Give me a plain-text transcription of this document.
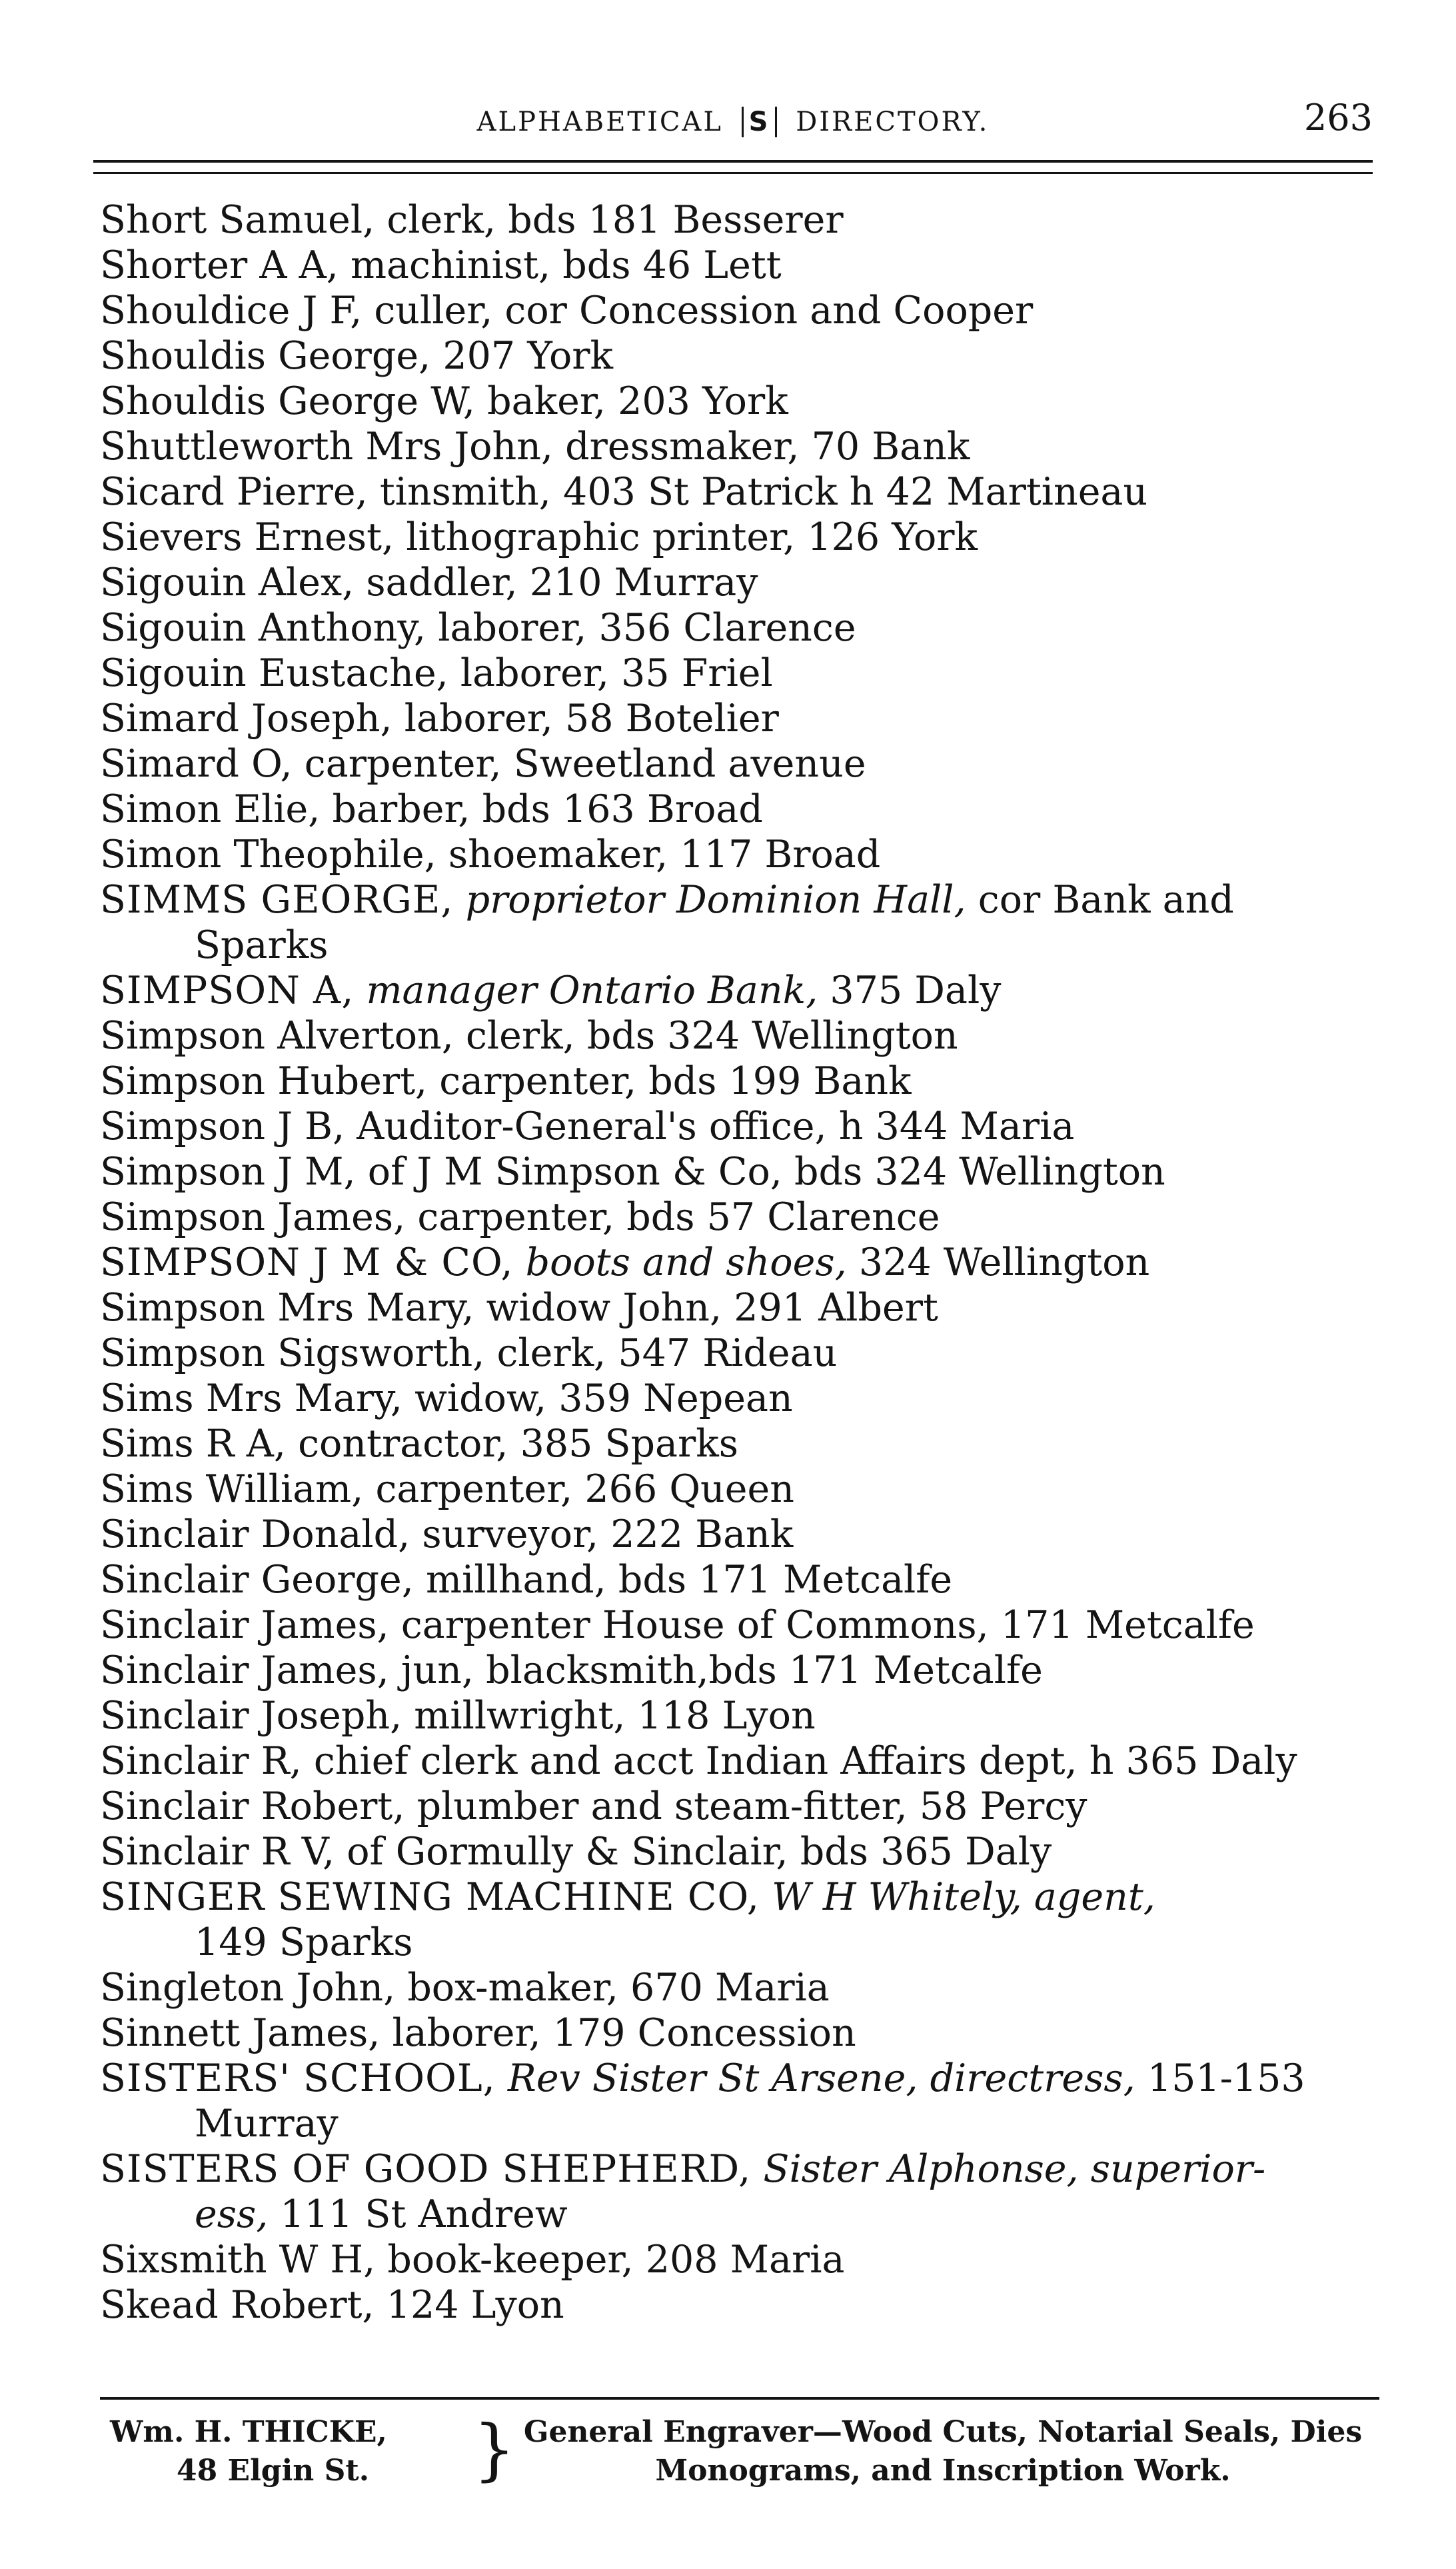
ALPHABETICAL S DIRECTORY.	263
Short Samuel, clerk, bds 181 Besserer
Shorter A A, machinist, bds 46 Lett
Shouldice J F, culler, cor Concession and Cooper
Shouldis George, 207 York
Shouldis George W, baker, 203 York
Shuttleworth Mrs John, dressmaker, 70 Bank
Sicard Pierre, tinsmith, 403 St Patrick h 42 Martineau
Sievers Ernest, lithographic printer, 126 York
Sigouin Alex, saddler, 210 Murray
Sigouin Anthony, laborer, 356 Clarence
Sigouin Eustache, laborer, 35 Friel
Simard Joseph, laborer, 58 Botelier
Simard O, carpenter, Sweetland avenue
Simon Elie, barber, bds 163 Broad
Simon Theophile, shoemaker, 117 Broad
SIMMS GEORGE, proprietor Dominion Hall, cor Bank and
Sparks
SIMPSON A, manager Ontario Bank, 375 Daly
Simpson Alverton, clerk, bds 324 Wellington
Simpson Hubert, carpenter, bds 199 Bank
Simpson J B, Auditor-General's office, h 344 Maria
Simpson J M, of J M Simpson & Co, bds 324 Wellington
Simpson James, carpenter, bds 57 Clarence
SIMPSON J M & CO, boots and shoes, 324 Wellington
Simpson Mrs Mary, widow John, 291 Albert
Simpson Sigsworth, clerk, 547 Rideau
Sims Mrs Mary, widow, 359 Nepean
Sims R A, contractor, 385 Sparks
Sims William, carpenter, 266 Queen
Sinclair Donald, surveyor, 222 Bank
Sinclair George, millhand, bds 171 Metcalfe
Sinclair James, carpenter House of Commons, 171 Metcalfe
Sinclair James, jun, blacksmith,bds 171 Metcalfe
Sinclair Joseph, millwright, 118 Lyon
Sinclair R, chief clerk and acct Indian Affairs dept, h 365 Daly
Sinclair Robert, plumber and steam-fitter, 58 Percy
Sinclair R V, of Gormully & Sinclair, bds 365 Daly
SINGER SEWING MACHINE CO, W H Whitely, agent,
149 Sparks
Singleton John, box-maker, 670 Maria
Sinnett James, laborer, 179 Concession
SISTERS' SCHOOL, Rev Sister St Arsene, directress, 151-153
Murray
SISTERS OF GOOD SHEPHERD, Sister Alphonse, superior-
ess, 111 St Andrew
Sixsmith W H, book-keeper, 208 Maria
Skead Robert, 124 Lyon
Wm. H. THICKE,
48 Elgin St. } General Engraver—Wood Cuts, Notarial Seals, Dies
Monograms, and Inscription Work.
